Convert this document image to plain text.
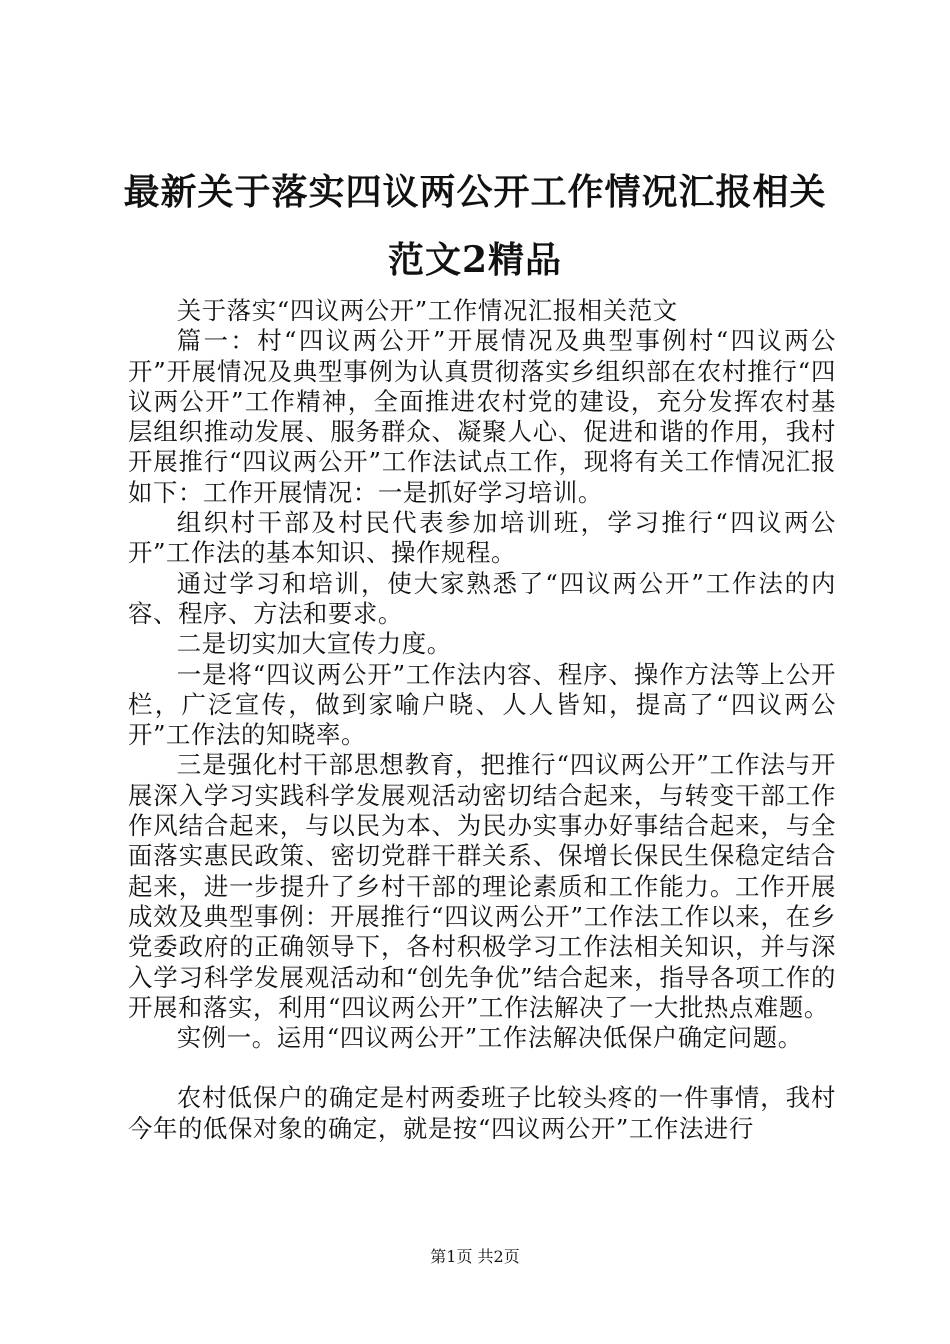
最新关于落实四议两公开工作情况汇报相关范文2精品

关于落实“四议两公开”工作情况汇报相关范文

篇一：村“四议两公开”开展情况及典型事例村“四议两公开”开展情况及典型事例为认真贯彻落实乡组织部在农村推行“四议两公开”工作精神，全面推进农村党的建设，充分发挥农村基层组织推动发展、服务群众、凝聚人心、促进和谐的作用，我村开展推行“四议两公开”工作法试点工作，现将有关工作情况汇报如下：工作开展情况：一是抓好学习培训。

组织村干部及村民代表参加培训班，学习推行“四议两公开”工作法的基本知识、操作规程。

通过学习和培训，使大家熟悉了“四议两公开”工作法的内容、程序、方法和要求。

二是切实加大宣传力度。

一是将“四议两公开”工作法内容、程序、操作方法等上公开栏，广泛宣传，做到家喻户晓、人人皆知，提高了“四议两公开”工作法的知晓率。

三是强化村干部思想教育，把推行“四议两公开”工作法与开展深入学习实践科学发展观活动密切结合起来，与转变干部工作作风结合起来，与以民为本、为民办实事办好事结合起来，与全面落实惠民政策、密切党群干群关系、保增长保民生保稳定结合起来，进一步提升了乡村干部的理论素质和工作能力。工作开展成效及典型事例：开展推行“四议两公开”工作法工作以来，在乡党委政府的正确领导下，各村积极学习工作法相关知识，并与深入学习科学发展观活动和“创先争优”结合起来，指导各项工作的开展和落实，利用“四议两公开”工作法解决了一大批热点难题。

实例一。运用“四议两公开”工作法解决低保户确定问题。

农村低保户的确定是村两委班子比较头疼的一件事情，我村今年的低保对象的确定，就是按“四议两公开”工作法进行

第1页 共2页
